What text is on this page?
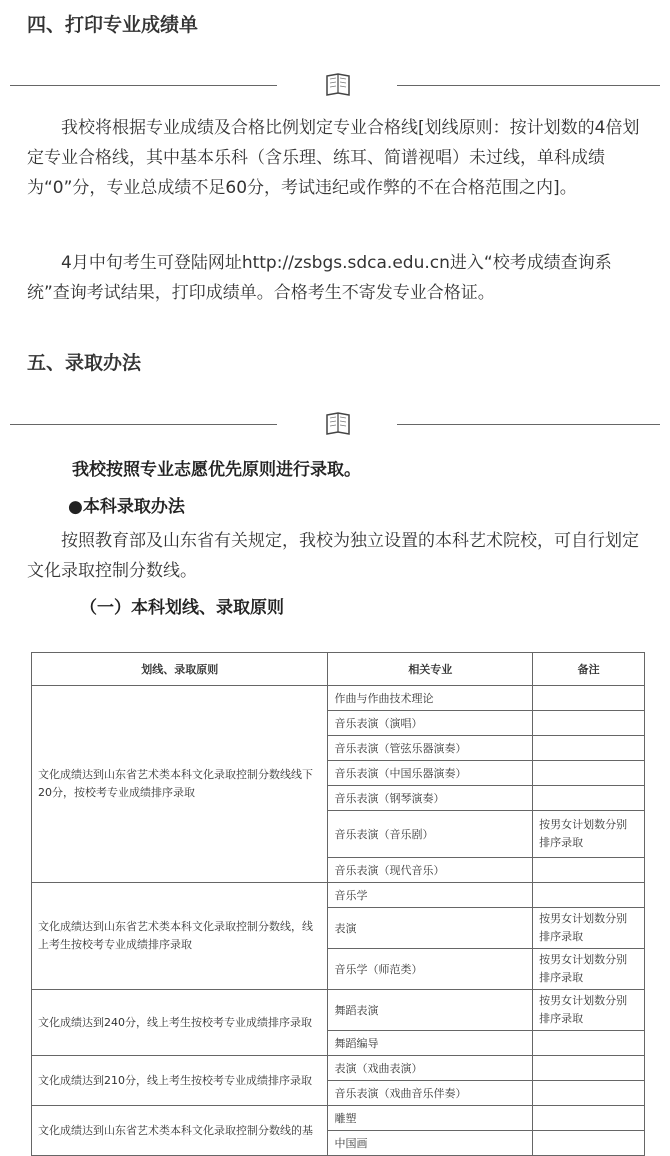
四、打印专业成绩单

我校将根据专业成绩及合格比例划定专业合格线[划线原则：按计划数的4倍划定专业合格线，其中基本乐科（含乐理、练耳、简谱视唱）未过线，单科成绩为“0”分，专业总成绩不足60分，考试违纪或作弊的不在合格范围之内]。

4月中旬考生可登陆网址http://zsbgs.sdca.edu.cn进入“校考成绩查询系统”查询考试结果，打印成绩单。合格考生不寄发专业合格证。

五、录取办法

我校按照专业志愿优先原则进行录取。

●本科录取办法

按照教育部及山东省有关规定，我校为独立设置的本科艺术院校，可自行划定文化录取控制分数线。

（一）本科划线、录取原则

划线、录取原则	相关专业	备注
文化成绩达到山东省艺术类本科文化录取控制分数线线下20分，按校考专业成绩排序录取	作曲与作曲技术理论	
	音乐表演（演唱）	
	音乐表演（管弦乐器演奏）	
	音乐表演（中国乐器演奏）	
	音乐表演（钢琴演奏）	
	音乐表演（音乐剧）	按男女计划数分别排序录取
	音乐表演（现代音乐）	
文化成绩达到山东省艺术类本科文化录取控制分数线，线上考生按校考专业成绩排序录取	音乐学	
	表演	按男女计划数分别排序录取
	音乐学（师范类）	按男女计划数分别排序录取
文化成绩达到240分，线上考生按校考专业成绩排序录取	舞蹈表演	按男女计划数分别排序录取
	舞蹈编导	
文化成绩达到210分，线上考生按校考专业成绩排序录取	表演（戏曲表演）	
	音乐表演（戏曲音乐伴奏）	
文化成绩达到山东省艺术类本科文化录取控制分数线的基	雕塑	
	中国画	
